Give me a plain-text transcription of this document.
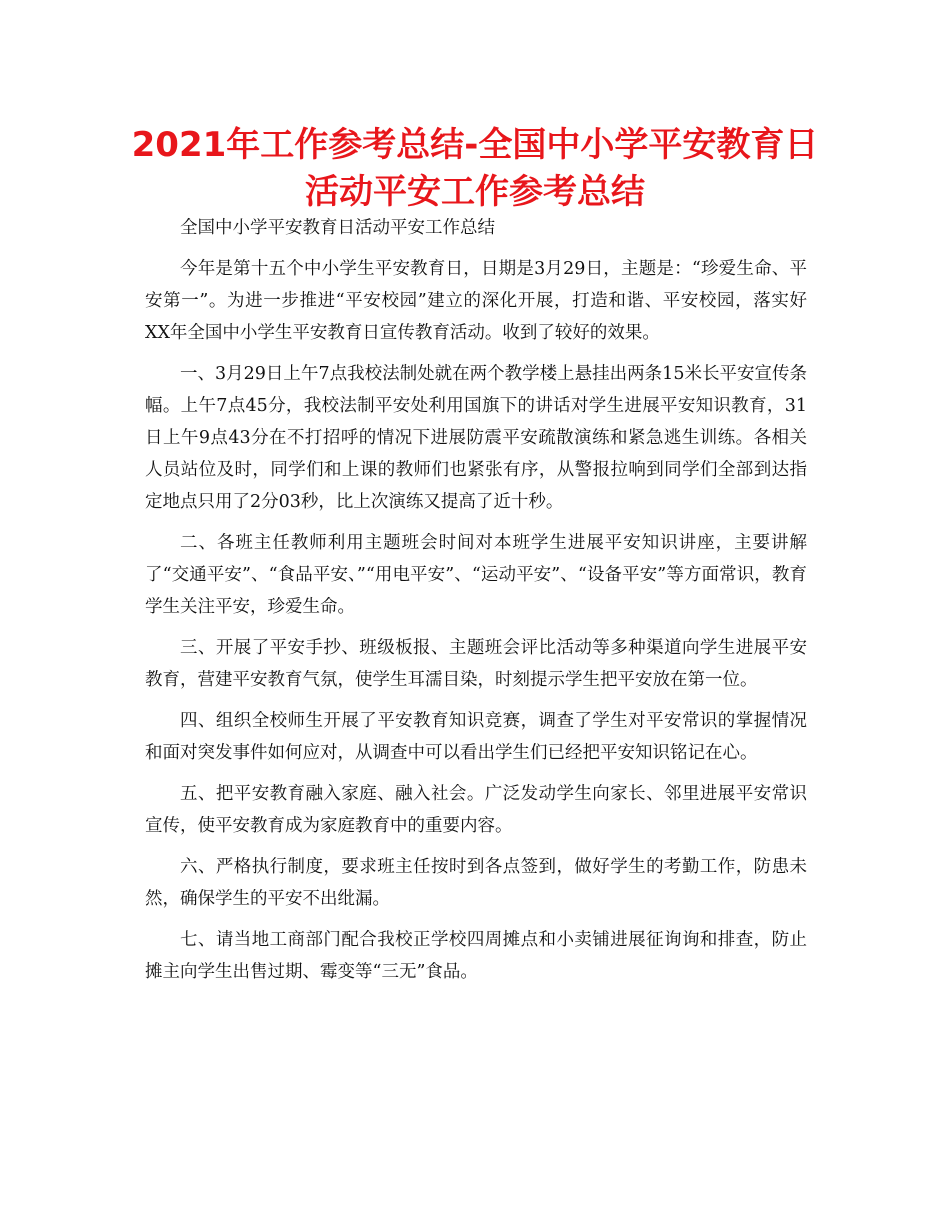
2021年工作参考总结-全国中小学平安教育日活动平安工作参考总结

全国中小学平安教育日活动平安工作总结

今年是第十五个中小学生平安教育日，日期是3月29日，主题是：“珍爱生命、平安第一”。为进一步推进“平安校园”建立的深化开展，打造和谐、平安校园，落实好XX年全国中小学生平安教育日宣传教育活动。收到了较好的效果。

一、3月29日上午7点我校法制处就在两个教学楼上悬挂出两条15米长平安宣传条幅。上午7点45分，我校法制平安处利用国旗下的讲话对学生进展平安知识教育，31日上午9点43分在不打招呼的情况下进展防震平安疏散演练和紧急逃生训练。各相关人员站位及时，同学们和上课的教师们也紧张有序，从警报拉响到同学们全部到达指定地点只用了2分03秒，比上次演练又提高了近十秒。

二、各班主任教师利用主题班会时间对本班学生进展平安知识讲座，主要讲解了“交通平安”、“食品平安、”“用电平安”、“运动平安”、“设备平安”等方面常识，教育学生关注平安，珍爱生命。

三、开展了平安手抄、班级板报、主题班会评比活动等多种渠道向学生进展平安教育，营建平安教育气氛，使学生耳濡目染，时刻提示学生把平安放在第一位。

四、组织全校师生开展了平安教育知识竞赛，调查了学生对平安常识的掌握情况和面对突发事件如何应对，从调查中可以看出学生们已经把平安知识铭记在心。

五、把平安教育融入家庭、融入社会。广泛发动学生向家长、邻里进展平安常识宣传，使平安教育成为家庭教育中的重要内容。

六、严格执行制度，要求班主任按时到各点签到，做好学生的考勤工作，防患未然，确保学生的平安不出纰漏。

七、请当地工商部门配合我校正学校四周摊点和小卖铺进展征询询和排查，防止摊主向学生出售过期、霉变等“三无”食品。
